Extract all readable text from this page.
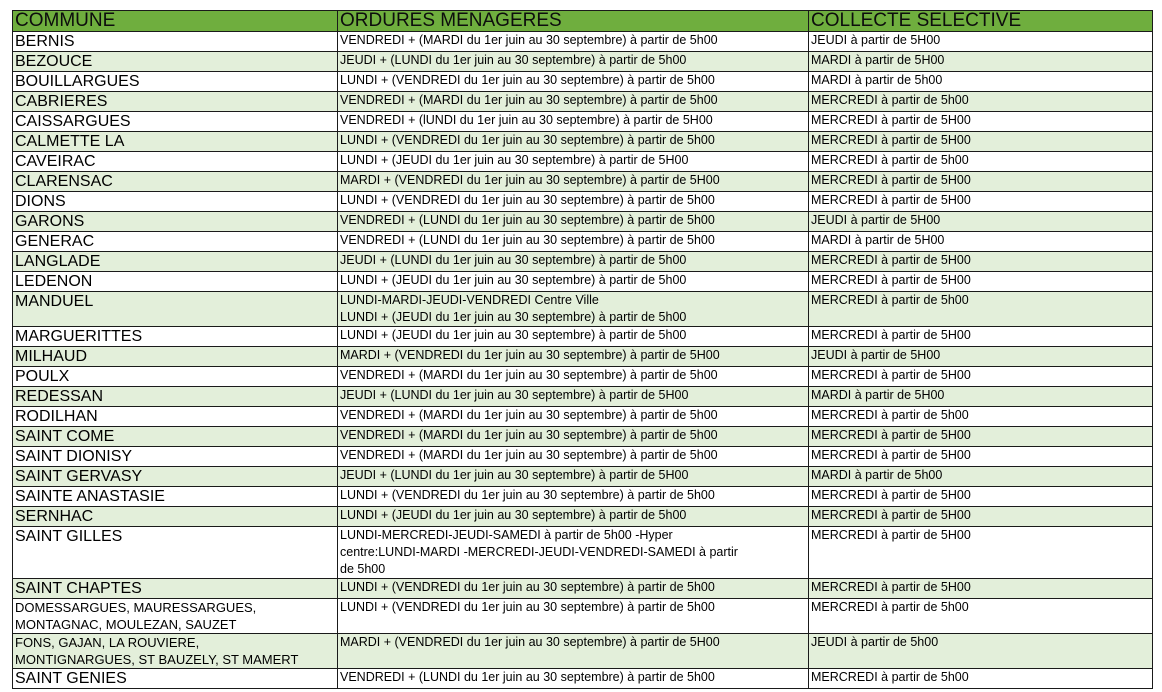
COMMUNE	ORDURES MENAGERES	COLLECTE SELECTIVE

BERNIS	VENDREDI + (MARDI du 1er juin au 30 septembre) à partir de 5h00	JEUDI à partir de 5H00

BEZOUCE	JEUDI + (LUNDI du 1er juin au 30 septembre) à partir de 5h00	MARDI à partir de 5H00

BOUILLARGUES	LUNDI + (VENDREDI du 1er juin au 30 septembre) à partir de 5h00	MARDI à partir de 5h00

CABRIERES	VENDREDI + (MARDI du 1er juin au 30 septembre) à partir de 5h00	MERCREDI à partir de 5h00

CAISSARGUES	VENDREDI + (lUNDI du 1er juin au 30 septembre) à partir de 5H00	MERCREDI à partir de 5H00

CALMETTE LA	LUNDI + (VENDREDI du 1er juin au 30 septembre) à partir de 5h00	MERCREDI à partir de 5H00

CAVEIRAC	LUNDI + (JEUDI du 1er juin au 30 septembre) à partir de 5H00	MERCREDI à partir de 5h00

CLARENSAC	MARDI + (VENDREDI du 1er juin au 30 septembre) à partir de 5H00	MERCREDI à partir de 5H00

DIONS	LUNDI + (VENDREDI du 1er juin au 30 septembre) à partir de 5h00	MERCREDI à partir de 5H00

GARONS	VENDREDI + (LUNDI du 1er juin au 30 septembre) à partir de 5h00	JEUDI à partir de 5H00

GENERAC	VENDREDI + (LUNDI du 1er juin au 30 septembre) à partir de 5h00	MARDI à partir de 5H00

LANGLADE	JEUDI + (LUNDI du 1er juin au 30 septembre) à partir de 5h00	MERCREDI à partir de 5H00

LEDENON	LUNDI + (JEUDI du 1er juin au 30 septembre) à partir de 5h00	MERCREDI à partir de 5H00

MANDUEL	LUNDI-MARDI-JEUDI-VENDREDI Centre Ville
LUNDI + (JEUDI du 1er juin au 30 septembre) à partir de 5h00	MERCREDI à partir de 5h00

MARGUERITTES	LUNDI + (JEUDI du 1er juin au 30 septembre) à partir de 5h00	MERCREDI à partir de 5H00

MILHAUD	MARDI + (VENDREDI du 1er juin au 30 septembre) à partir de 5H00	JEUDI à partir de 5H00

POULX	VENDREDI + (MARDI du 1er juin au 30 septembre) à partir de 5h00	MERCREDI à partir de 5H00

REDESSAN	JEUDI + (LUNDI du 1er juin au 30 septembre) à partir de 5H00	MARDI à partir de 5H00

RODILHAN	VENDREDI + (MARDI du 1er juin au 30 septembre) à partir de 5h00	MERCREDI à partir de 5h00

SAINT COME	VENDREDI + (MARDI du 1er juin au 30 septembre) à partir de 5h00	MERCREDI à partir de 5H00

SAINT DIONISY	VENDREDI + (MARDI du 1er juin au 30 septembre) à partir de 5h00	MERCREDI à partir de 5H00

SAINT GERVASY	JEUDI + (LUNDI du 1er juin au 30 septembre) à partir de 5H00	MARDI à partir de 5h00

SAINTE ANASTASIE	LUNDI + (VENDREDI du 1er juin au 30 septembre) à partir de 5h00	MERCREDI à partir de 5H00

SERNHAC	LUNDI + (JEUDI du 1er juin au 30 septembre) à partir de 5h00	MERCREDI à partir de 5H00

SAINT GILLES	LUNDI-MERCREDI-JEUDI-SAMEDI à partir de 5h00 -Hyper
centre:LUNDI-MARDI -MERCREDI-JEUDI-VENDREDI-SAMEDI à partir
de 5h00	MERCREDI à partir de 5H00

SAINT CHAPTES	LUNDI + (VENDREDI du 1er juin au 30 septembre) à partir de 5h00	MERCREDI à partir de 5H00

DOMESSARGUES, MAURESSARGUES,
MONTAGNAC, MOULEZAN, SAUZET	LUNDI + (VENDREDI du 1er juin au 30 septembre) à partir de 5h00	MERCREDI à partir de 5h00

FONS, GAJAN, LA ROUVIERE,
MONTIGNARGUES, ST BAUZELY, ST MAMERT	MARDI + (VENDREDI du 1er juin au 30 septembre) à partir de 5H00	JEUDI à partir de 5h00

SAINT GENIES	VENDREDI + (LUNDI du 1er juin au 30 septembre) à partir de 5h00	MERCREDI à partir de 5h00
